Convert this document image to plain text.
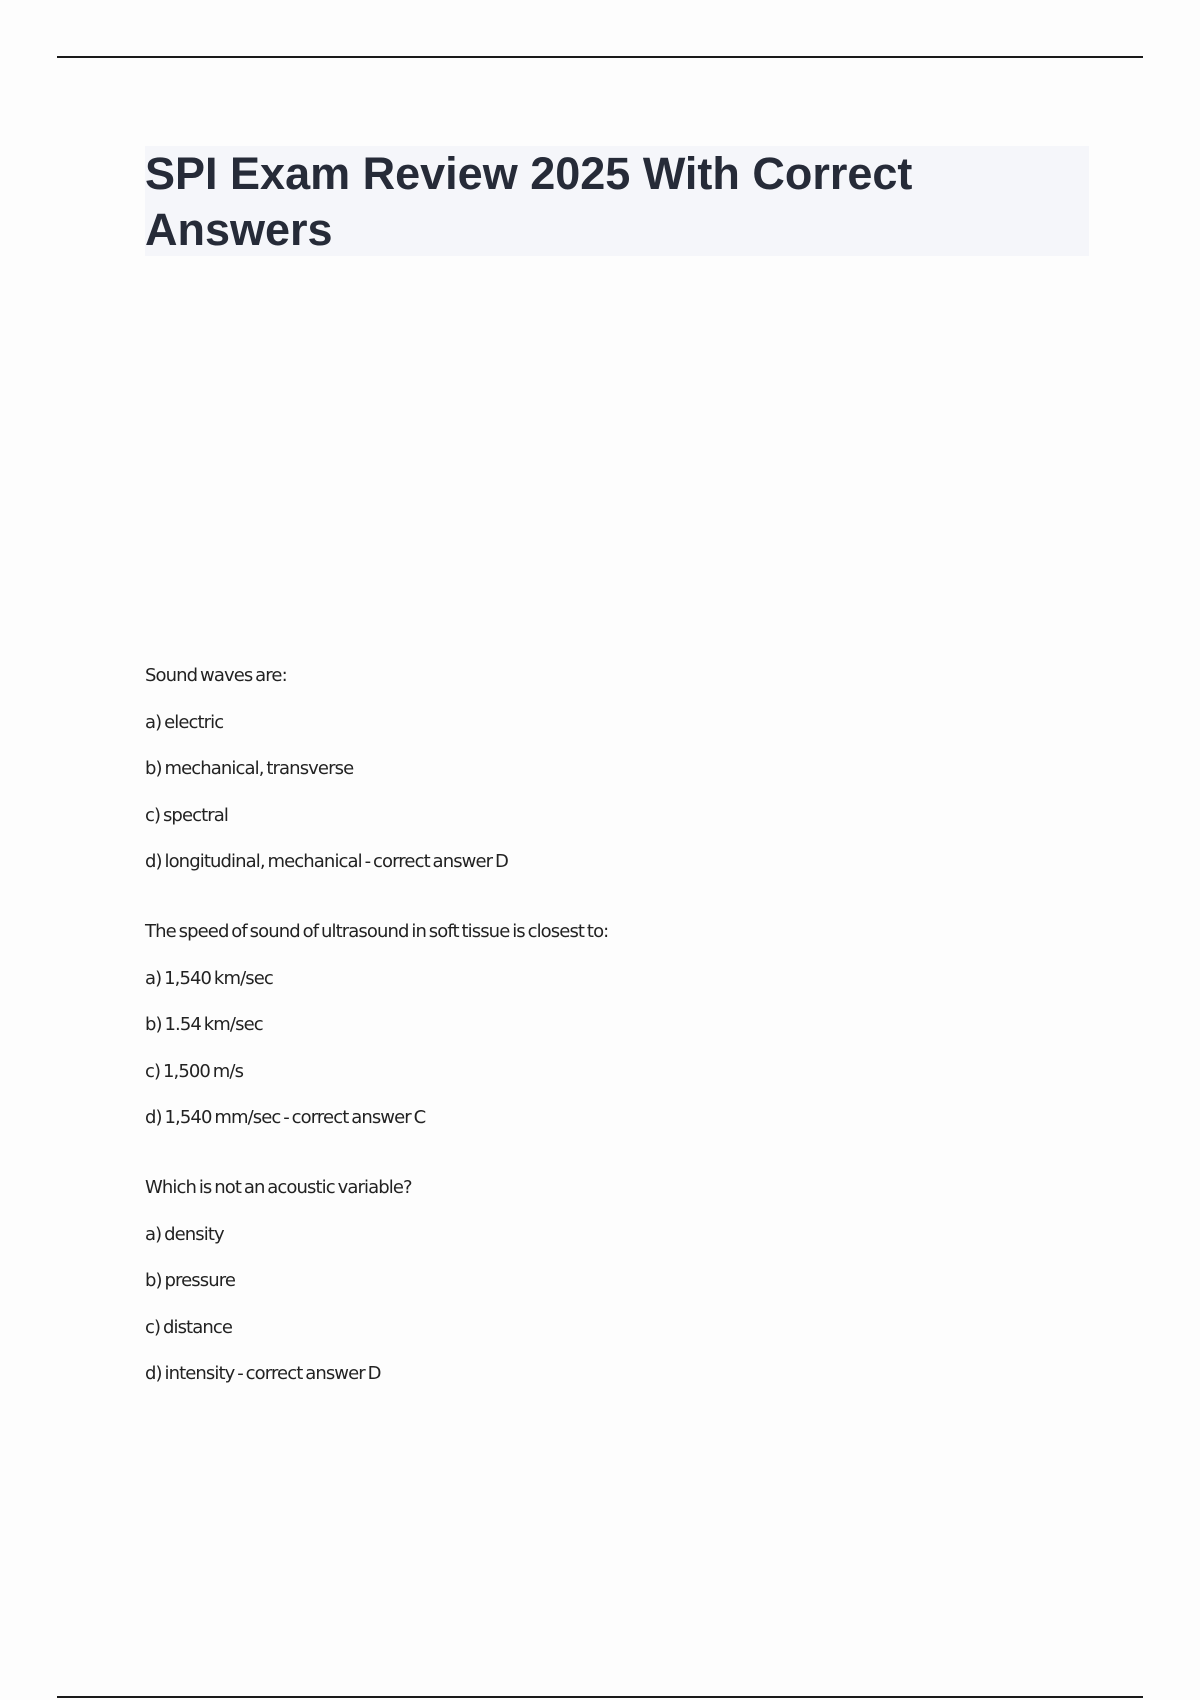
SPI Exam Review 2025 With Correct Answers
Sound waves are:
a) electric
b) mechanical, transverse
c) spectral
d) longitudinal, mechanical - correct answer D
The speed of sound of ultrasound in soft tissue is closest to:
a) 1,540 km/sec
b) 1.54 km/sec
c) 1,500 m/s
d) 1,540 mm/sec - correct answer C
Which is not an acoustic variable?
a) density
b) pressure
c) distance
d) intensity - correct answer D
